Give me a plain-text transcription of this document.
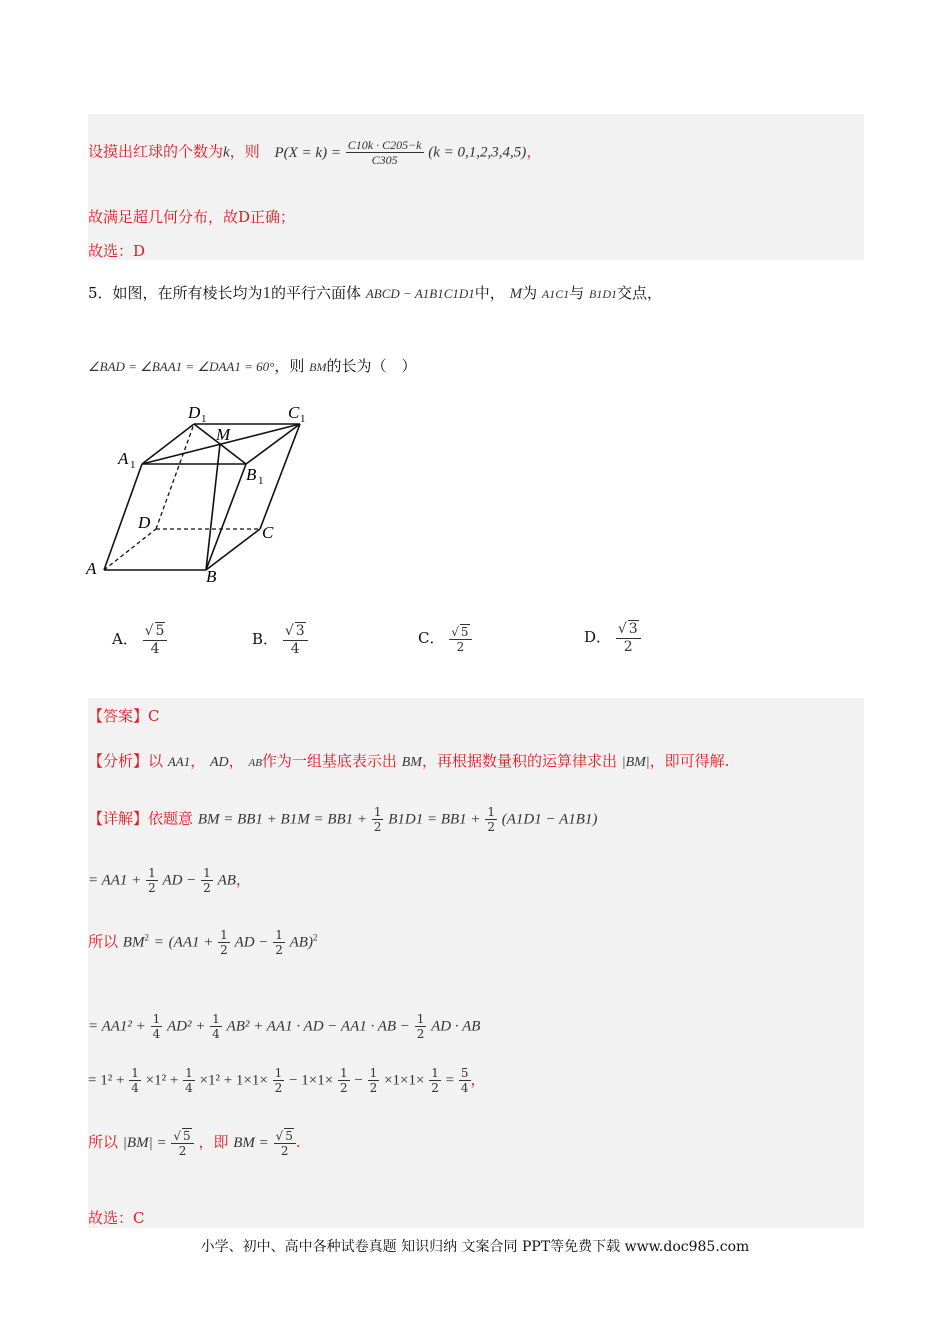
设摸出红球的个数为k，则 $P(X = k) = \frac{C10k \cdot C205-k}{C305} (k = 0,1,2,3,4,5)$，
故满足超几何分布，故D正确；
故选：D
5．如图，在所有棱长均为1的平行六面体 ABCD − A1B1C1D1中， M为 A1C1与 B1D1交点，
∠BAD = ∠BAA1 = ∠DAA1 = 60°，则 BM的长为（　）
A	B
C
D
A 1	B 1
C 1
D 1
M
A． $\frac{√ 5}{4}$	B． $\frac{√ 3}{4}$	C． $\frac{√ 5}{2}$	D． $\frac{√ 3}{2}$
【答案】C
【分析】以 AA1， AD， AB作为一组基底表示出 BM，再根据数量积的运算律求出 |BM|，即可得解.
【详解】依题意 BM = $BB1 + B1M = BB1 + \frac{1}{2} B1D1 = BB1 + \frac{1}{2} (A1D1 - A1B1)$
= $AA1 + \frac{1}{2}$ AD − $\frac{1}{2}$ AB，
所以 $BM^2 = (AA1 + \frac{1}{2}$ AD − $\frac{1}{2} AB)^2$
= $AA1^2 + \frac{1}{4} AD^2 + \frac{1}{4} AB^2 + AA1$ · AD − AA1 · AB − $\frac{1}{2}$ AD · AB
= $1^2 + \frac{1}{4} \times 1^2 + \frac{1}{4} \times 1^2 + 1\times 1\times \frac{1}{2} - 1\times 1\times \frac{1}{2} - \frac{1}{2} \times 1\times 1\times \frac{1}{2} = \frac{5}{4}$ ，
所以 $|BM| = \frac{√ 5}{2}$ ，即 BM = $\frac{√ 5}{2}$ .
故选：C
小学、初中、高中各种试卷真题 知识归纳 文案合同 PPT等免费下载 www.doc985.com
